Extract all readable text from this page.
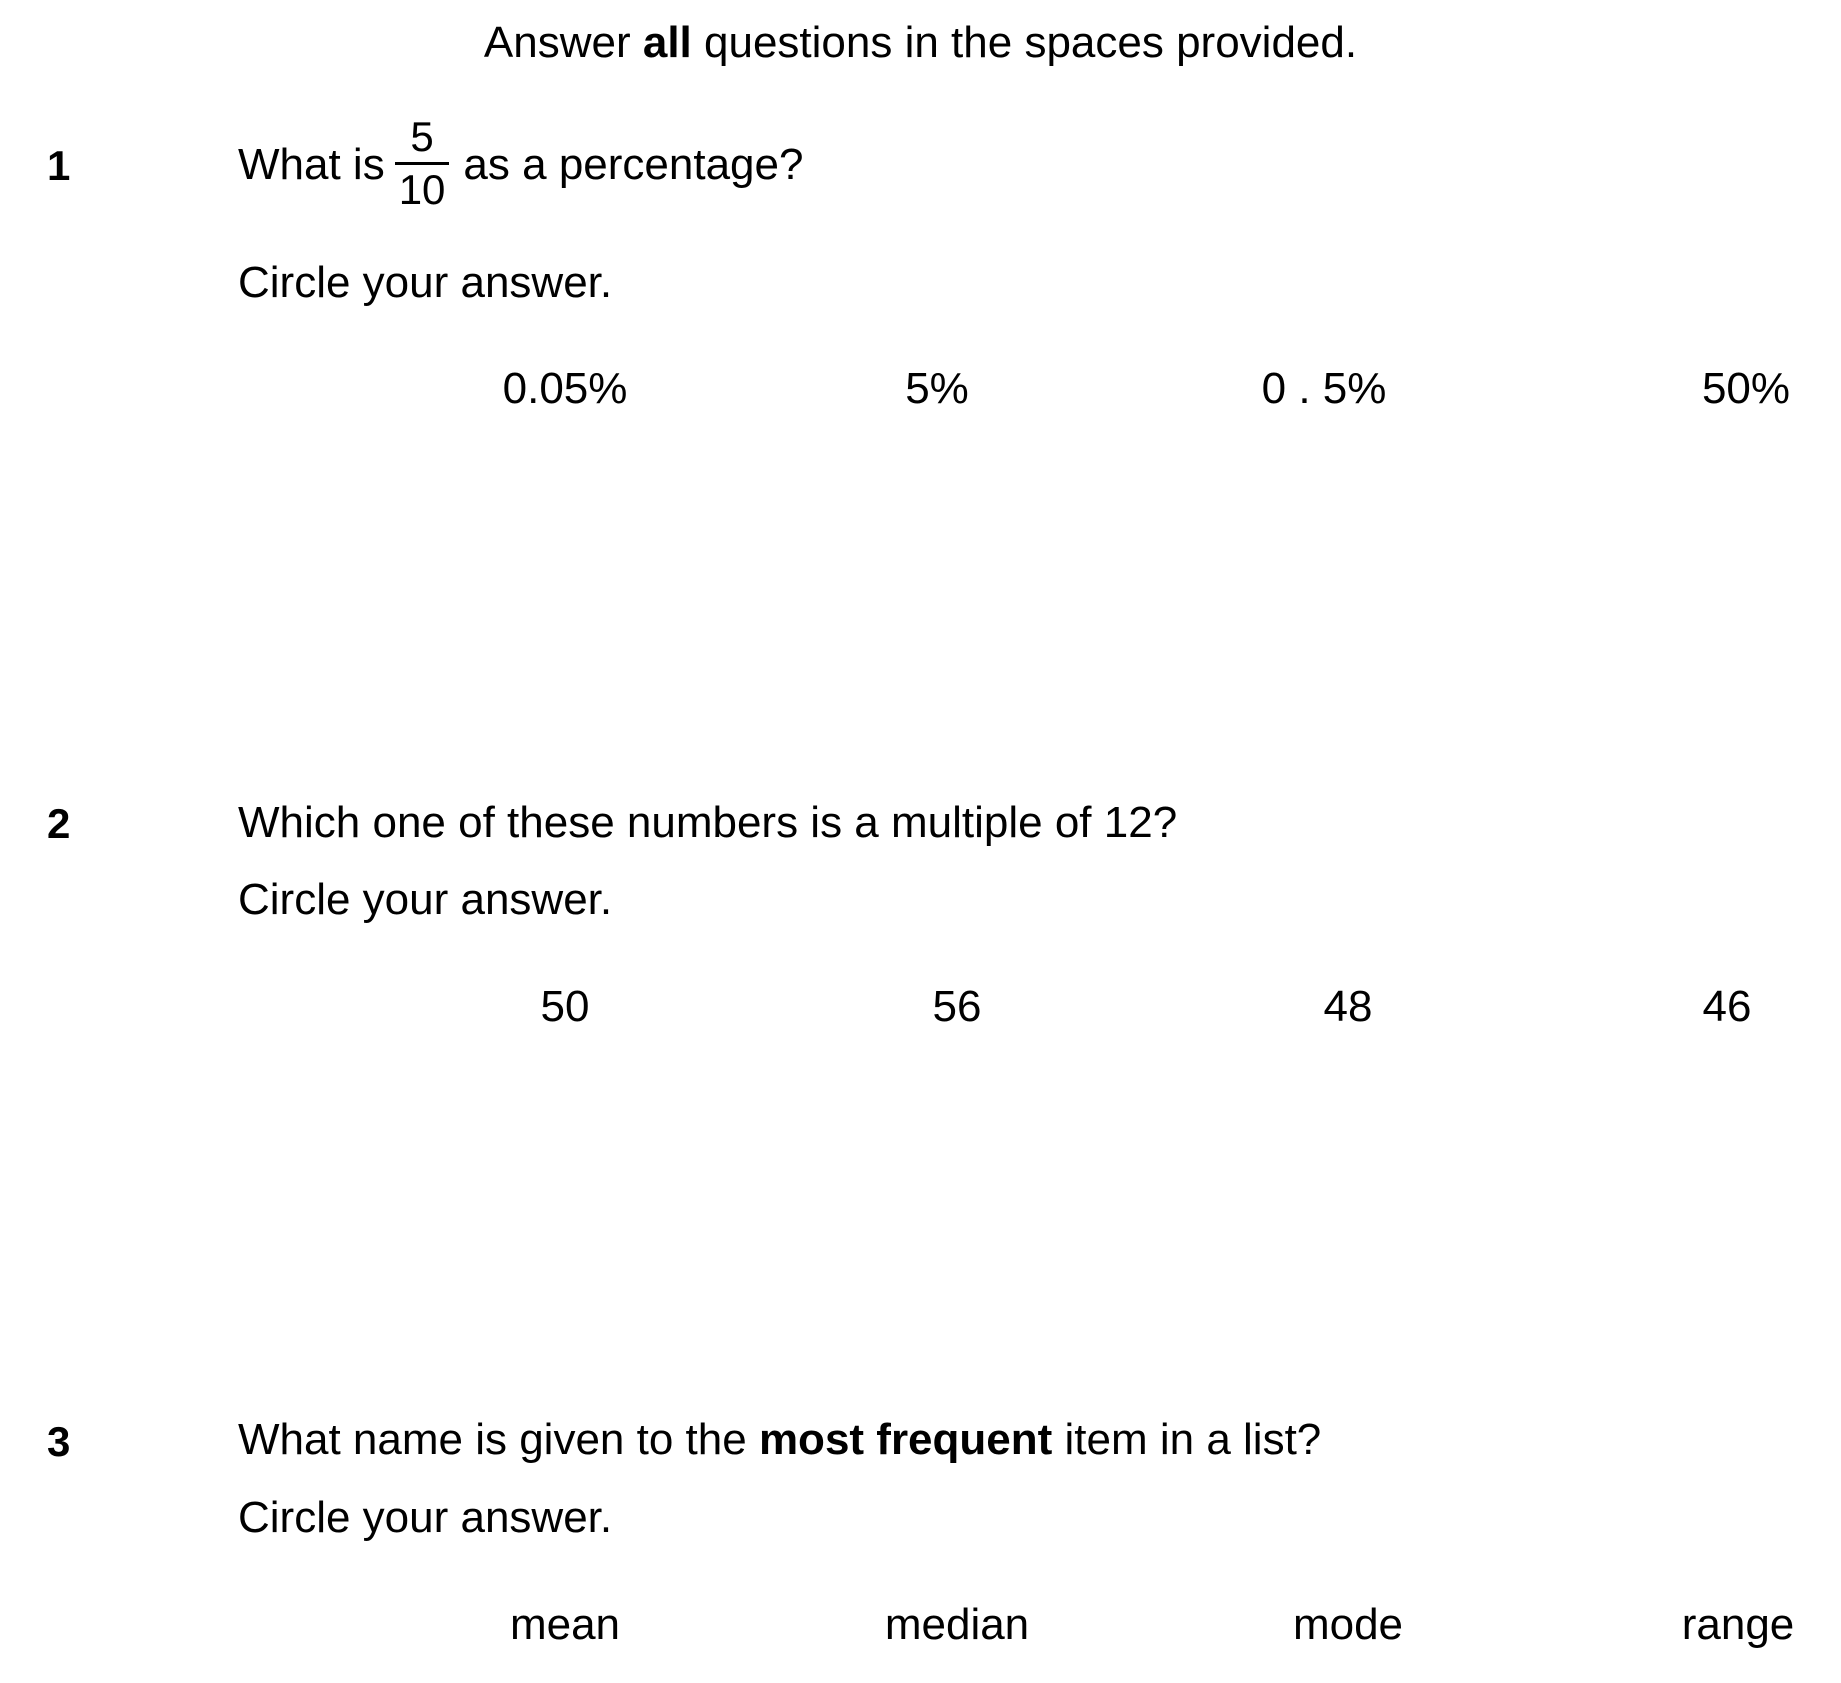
Answer all questions in the spaces provided.
1	What is $\frac{5}{10}$ as a percentage?
Circle your answer.
0.05%	5%	0 . 5%	50%
2	Which one of these numbers is a multiple of 12?
Circle your answer.
50	56	48	46
3	What name is given to the most frequent item in a list?
Circle your answer.
mean	median	mode	range
